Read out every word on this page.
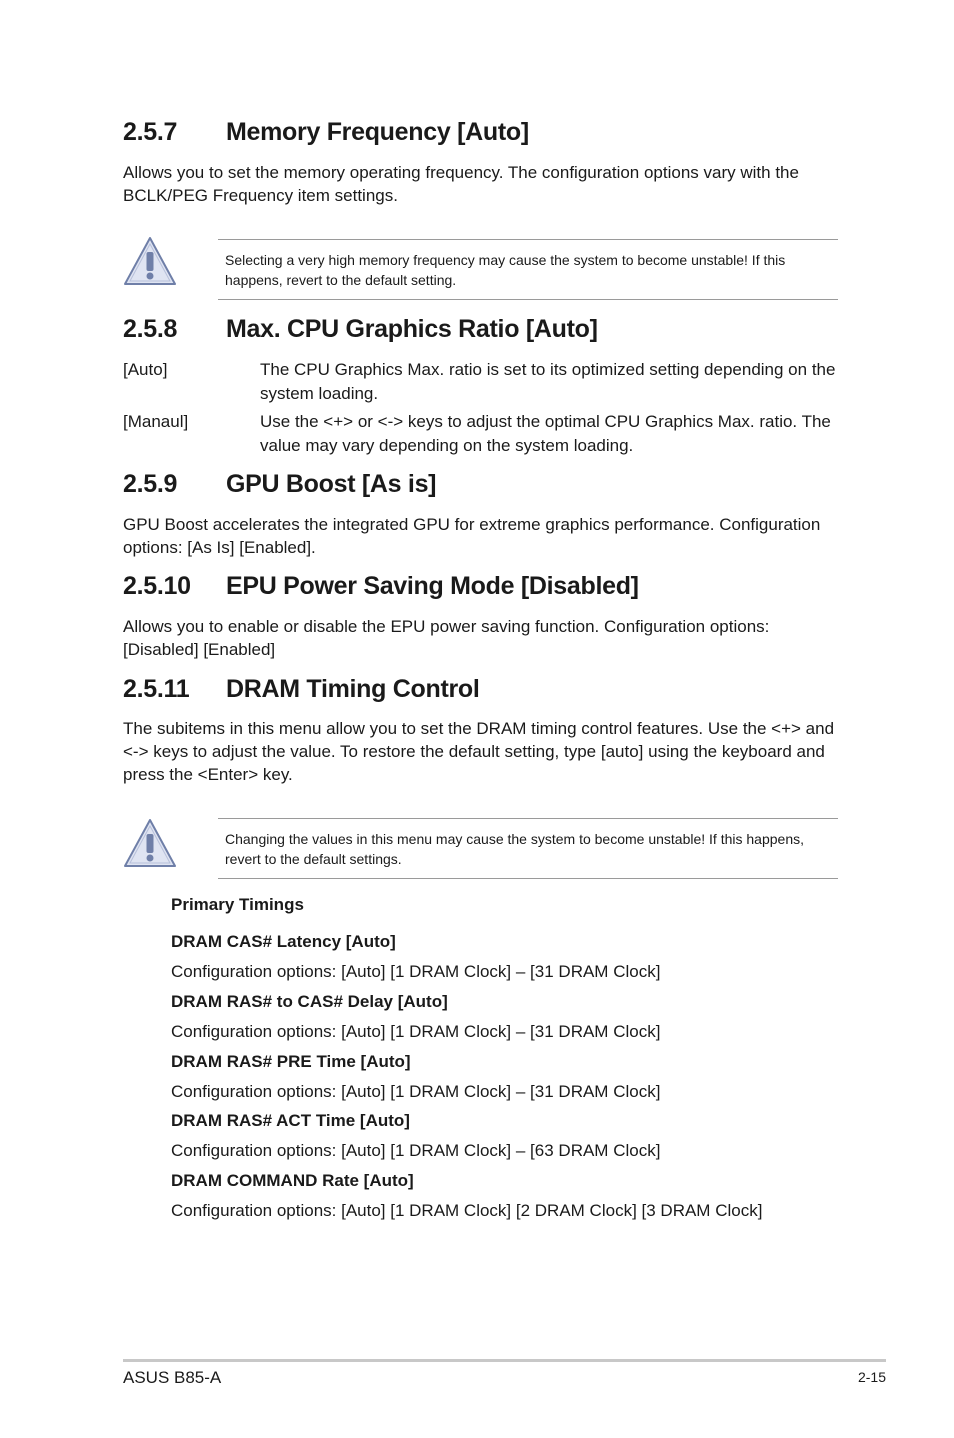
2.5.7 Memory Frequency [Auto]

Allows you to set the memory operating frequency. The configuration options vary with the BCLK/PEG Frequency item settings.

Selecting a very high memory frequency may cause the system to become unstable! If this happens, revert to the default setting.

2.5.8 Max. CPU Graphics Ratio [Auto]

[Auto]	The CPU Graphics Max. ratio is set to its optimized setting depending on the system loading.

[Manaul]	Use the <+> or <-> keys to adjust the optimal CPU Graphics Max. ratio. The value may vary depending on the system loading.

2.5.9 GPU Boost [As is]

GPU Boost accelerates the integrated GPU for extreme graphics performance. Configuration options: [As Is] [Enabled].

2.5.10 EPU Power Saving Mode [Disabled]

Allows you to enable or disable the EPU power saving function. Configuration options: [Disabled] [Enabled]

2.5.11 DRAM Timing Control

The subitems in this menu allow you to set the DRAM timing control features. Use the <+> and <-> keys to adjust the value. To restore the default setting, type [auto] using the keyboard and press the <Enter> key.

Changing the values in this menu may cause the system to become unstable! If this happens, revert to the default settings.

Primary Timings

DRAM CAS# Latency [Auto]

Configuration options: [Auto] [1 DRAM Clock] – [31 DRAM Clock]

DRAM RAS# to CAS# Delay [Auto]

Configuration options: [Auto] [1 DRAM Clock] – [31 DRAM Clock]

DRAM RAS# PRE Time [Auto]

Configuration options: [Auto] [1 DRAM Clock] – [31 DRAM Clock]

DRAM RAS# ACT Time [Auto]

Configuration options: [Auto] [1 DRAM Clock] – [63 DRAM Clock]

DRAM COMMAND Rate [Auto]

Configuration options: [Auto] [1 DRAM Clock] [2 DRAM Clock] [3 DRAM Clock]

ASUS B85-A	2-15
